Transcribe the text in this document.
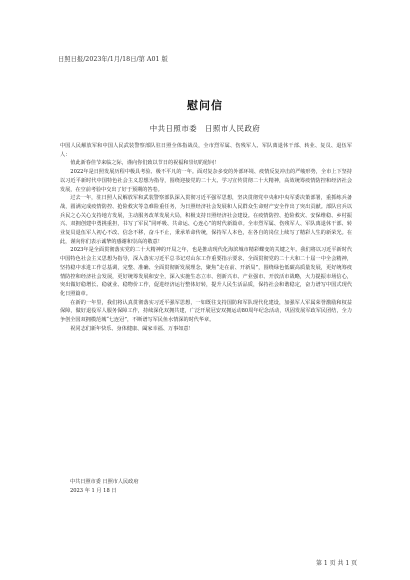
日照日报/2023年/1月/18日/第 A01 版
慰问信
中共日照市委　日照市人民政府

中国人民解放军和中国人民武装警察部队驻日照全体指战员，全市烈军属、伤残军人、军队离退休干部、转业、复员、退伍军人：

值此新春佳节来临之际，谨向你们致以节日的祝福和崇切的慰问！

2022年是日照发展历程中极具考验、极不平凡的一年。面对复杂多变的外部环境、疫情反复冲击的严峻形势，全市上下坚持以习近平新时代中国特色社会主义思想为指导，围绕迎接党的二十大、学习宣传贯彻二十大精神，高效统筹疫情防控和经济社会发展，在空前考验中交出了好于预期的答卷。

过去一年，驻日照人民解放军和武装警察部队深入贯彻习近平强军思想，坚决贯彻党中央和中央军委决策部署，重抓练兵备战，圆满完成疫情防控、抢险救灾等急难险重任务，为日照经济社会发展和人民群众生命财产安全作出了突出贡献。部队官兵以兵民之心关心支持地方发展，主动服务改革发展大局，积极支持日照经济社会建设。在疫情防控、抢险救灾、安保维稳、乡村振兴、双拥创建中勇挑重担，书写了军民“同呼吸、共命运、心连心”的时代新篇章。全市烈军属、伤残军人、军队离退休干部、转业复员退伍军人初心不改、信念不移，奋斗不止，秉承革命传统，保持军人本色，在各自的岗位上续写了精彩人生的新荣光。在此，谨向你们表示诚挚的感谢和崇高的敬意！

2023年是全面贯彻落实党的二十大精神的开局之年，也是推动现代化海滨城市精彩蝶变的关键之年。我们将以习近平新时代中国特色社会主义思想为指导，深入落实习近平总书记对山东工作重要指示要求，全面贯彻党的二十大和二十届一中全会精神，坚持稳中求进工作总基调，完整、准确、全面贯彻新发展理念，聚焦“走在前、开新局”，围绕绿色低碳高质量发展，更好统筹疫情防控和经济社会发展，更好统筹发展和安全，深入实施生态立市、创新兴市、产业强市、开放活市战略，大力提振市场信心，突出做好稳增长、稳就业、稳物价工作，促进经济运行整体好转，提升人民生活品质，保持社会和谐稳定，奋力谱写中国式现代化日照篇章。

在新的一年里，我们将认真贯彻落实习近平强军思想，一如既往支持国防和军队现代化建设，加强军人军属荣誉激励和权益保障，做好退役军人服务保障工作，持续深化双拥共建，广泛开展冠安双拥运动80周年纪念活动，巩固发展军政军民团结，全力争创全国双拥模范城“七连冠”，不断谱写军民鱼水情深的时代华章。

祝同志们新年快乐、身体健康、阖家幸福、万事如意！

中共日照市委 日照市人民政府
2023 年 1 月 18 日
第 1 页 共 1 页
